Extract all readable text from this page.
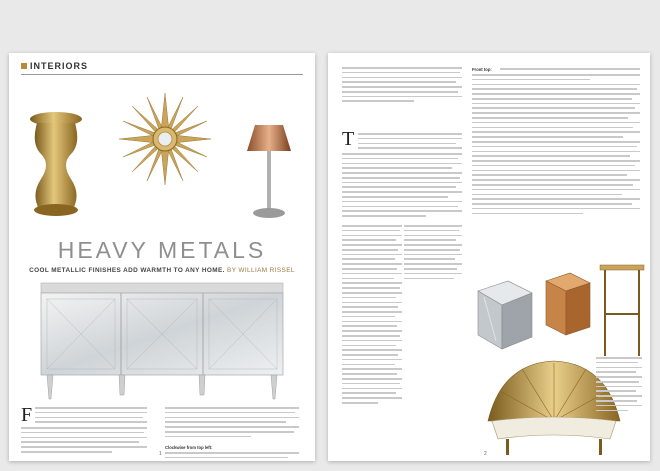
INTERIORS
HEAVY METALS
COOL METALLIC FINISHES ADD WARMTH TO ANY HOME. BY WILLIAM RISSEL
F
Clockwise from top left:
1
T
Front top:
2
